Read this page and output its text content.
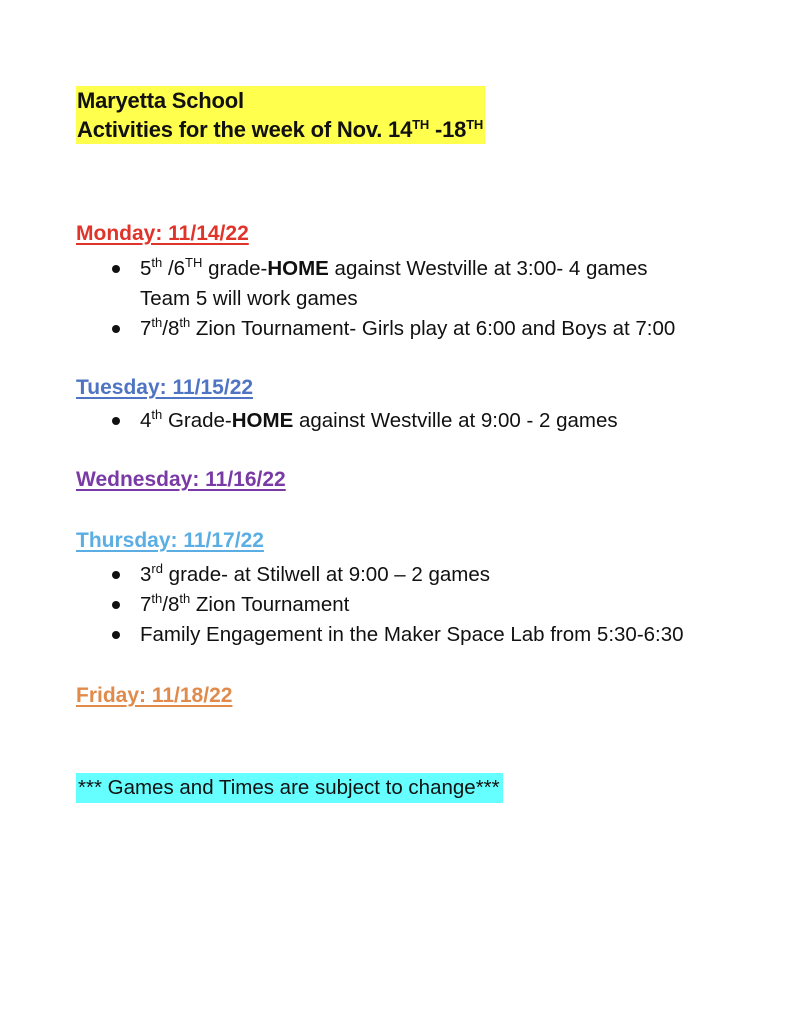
Maryetta School
Activities for the week of Nov. 14TH -18TH
Monday: 11/14/22
5th /6TH grade-HOME against Westville at 3:00- 4 games
Team 5 will work games
7th/8th Zion Tournament- Girls play at 6:00 and Boys at 7:00
Tuesday: 11/15/22
4th Grade-HOME against Westville at 9:00 - 2 games
Wednesday: 11/16/22
Thursday: 11/17/22
3rd grade- at Stilwell at 9:00 – 2 games
7th/8th Zion Tournament
Family Engagement in the Maker Space Lab from 5:30-6:30
Friday: 11/18/22
*** Games and Times are subject to change***
